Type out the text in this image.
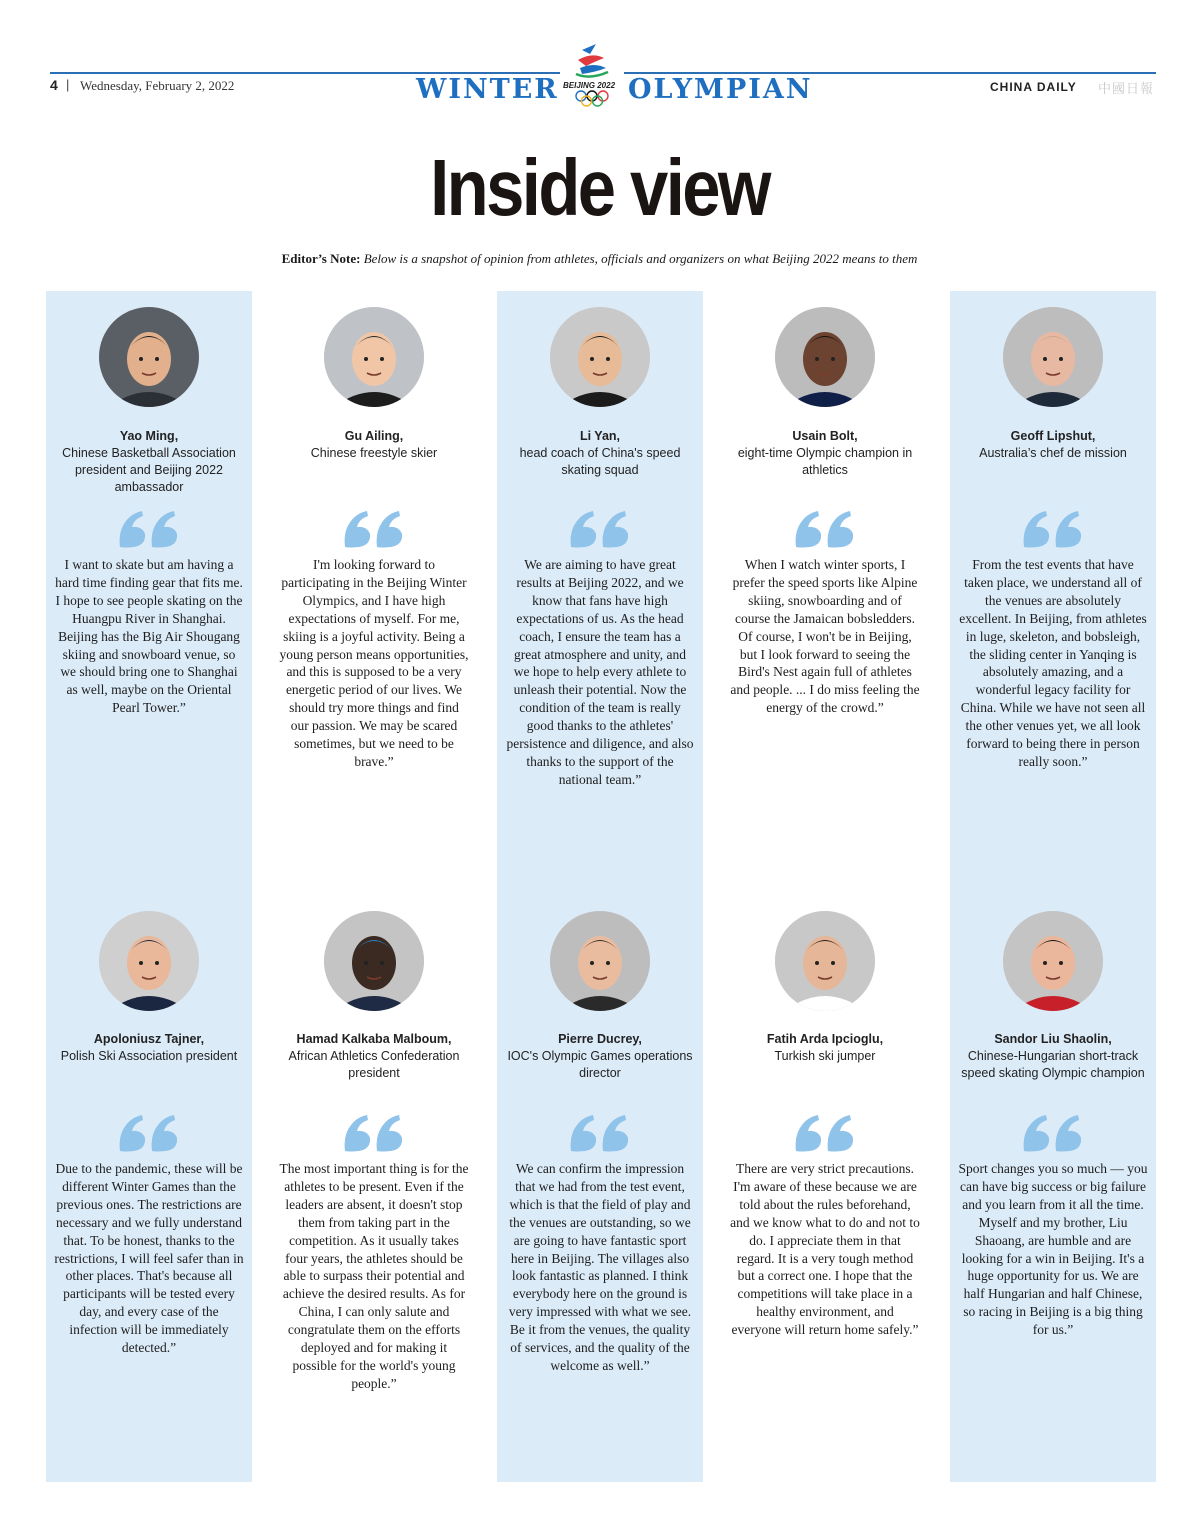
4 | Wednesday, February 2, 2022	WINTER	OLYMPIAN
BEIJING 2022	CHINA DAILY 中國日報
Inside view
Editor’s Note: Below is a snapshot of opinion from athletes, officials and organizers on what Beijing 2022 means to them
Yao Ming,
Chinese Basketball Association president and Beijing 2022 ambassador
I want to skate but am having a hard time finding gear that fits me. I hope to see people skating on the Huangpu River in Shanghai. Beijing has the Big Air Shougang skiing and snowboard venue, so we should bring one to Shanghai as well, maybe on the Oriental Pearl Tower.”
Gu Ailing,
Chinese freestyle skier
I'm looking forward to participating in the Beijing Winter Olympics, and I have high expectations of myself. For me, skiing is a joyful activity. Being a young person means opportunities, and this is supposed to be a very energetic period of our lives. We should try more things and find our passion. We may be scared sometimes, but we need to be brave.”
Li Yan,
head coach of China's speed skating squad
We are aiming to have great results at Beijing 2022, and we know that fans have high expectations of us. As the head coach, I ensure the team has a great atmosphere and unity, and we hope to help every athlete to unleash their potential. Now the condition of the team is really good thanks to the athletes' persistence and diligence, and also thanks to the support of the national team.”
Usain Bolt,
eight-time Olympic champion in athletics
When I watch winter sports, I prefer the speed sports like Alpine skiing, snowboarding and of course the Jamaican bobsledders. Of course, I won't be in Beijing, but I look forward to seeing the Bird's Nest again full of athletes and people. ... I do miss feeling the energy of the crowd.”
Geoff Lipshut,
Australia’s chef de mission
From the test events that have taken place, we understand all of the venues are absolutely excellent. In Beijing, from athletes in luge, skeleton, and bobsleigh, the sliding center in Yanqing is absolutely amazing, and a wonderful legacy facility for China. While we have not seen all the other venues yet, we all look forward to being there in person really soon.”
Apoloniusz Tajner,
Polish Ski Association president
Due to the pandemic, these will be different Winter Games than the previous ones. The restrictions are necessary and we fully understand that. To be honest, thanks to the restrictions, I will feel safer than in other places. That's because all participants will be tested every day, and every case of the infection will be immediately detected.”
Hamad Kalkaba Malboum,
African Athletics Confederation president
The most important thing is for the athletes to be present. Even if the leaders are absent, it doesn't stop them from taking part in the competition. As it usually takes four years, the athletes should be able to surpass their potential and achieve the desired results. As for China, I can only salute and congratulate them on the efforts deployed and for making it possible for the world's young people.”
Pierre Ducrey,
IOC's Olympic Games operations director
We can confirm the impression that we had from the test event, which is that the field of play and the venues are outstanding, so we are going to have fantastic sport here in Beijing. The villages also look fantastic as planned. I think everybody here on the ground is very impressed with what we see. Be it from the venues, the quality of services, and the quality of the welcome as well.”
Fatih Arda Ipcioglu,
Turkish ski jumper
There are very strict precautions. I'm aware of these because we are told about the rules beforehand, and we know what to do and not to do. I appreciate them in that regard. It is a very tough method but a correct one. I hope that the competitions will take place in a healthy environment, and everyone will return home safely.”
Sandor Liu Shaolin,
Chinese-Hungarian short-track speed skating Olympic champion
Sport changes you so much — you can have big success or big failure and you learn from it all the time. Myself and my brother, Liu Shaoang, are humble and are looking for a win in Beijing. It's a huge opportunity for us. We are half Hungarian and half Chinese, so racing in Beijing is a big thing for us.”
